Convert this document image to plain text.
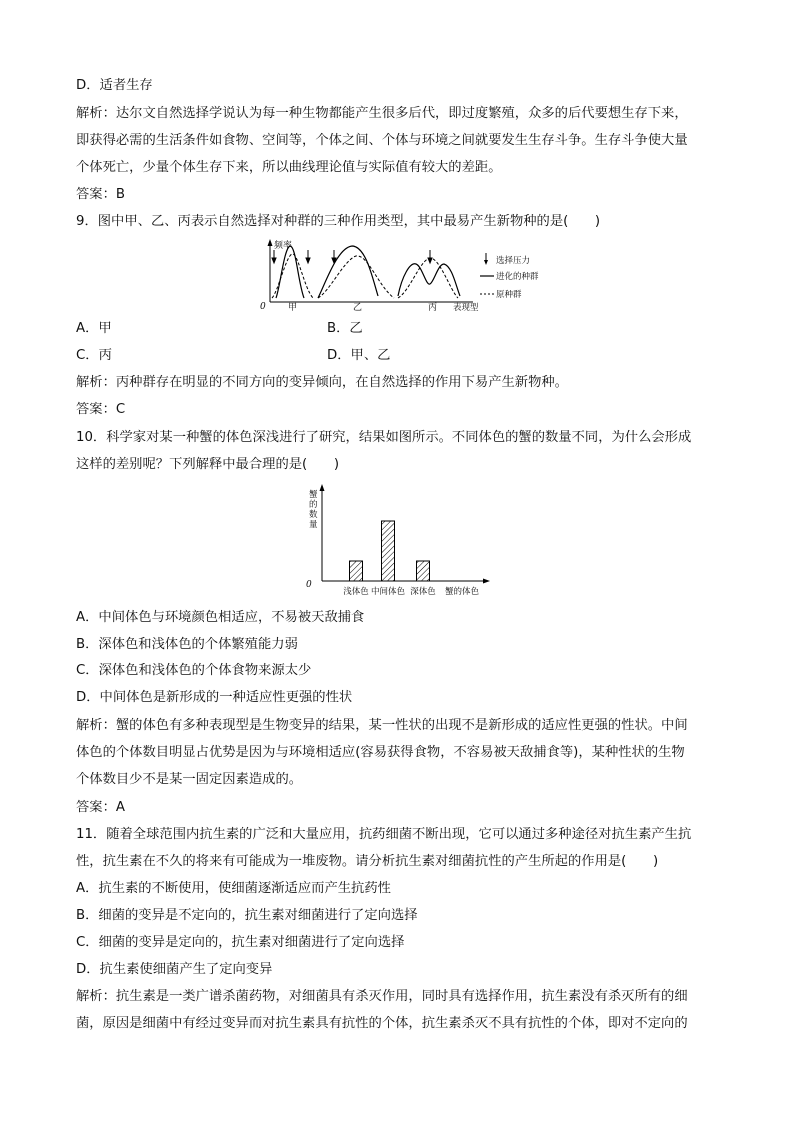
D．适者生存
解析：达尔文自然选择学说认为每一种生物都能产生很多后代，即过度繁殖，众多的后代要想生存下来，
即获得必需的生活条件如食物、空间等，个体之间、个体与环境之间就要发生生存斗争。生存斗争使大量
个体死亡，少量个体生存下来，所以曲线理论值与实际值有较大的差距。
答案：B
9．图中甲、乙、丙表示自然选择对种群的三种作用类型，其中最易产生新物种的是(　　)
频率
0 甲	乙	丙 表现型
选择压力
进化的种群
原种群
A．甲	B．乙
C．丙	D．甲、乙
解析：丙种群存在明显的不同方向的变异倾向，在自然选择的作用下易产生新物种。
答案：C
10．科学家对某一种蟹的体色深浅进行了研究，结果如图所示。不同体色的蟹的数量不同，为什么会形成
这样的差别呢？下列解释中最合理的是(　　)
0
蟹
的
数
量
浅体色 中间体色 深体色 蟹的体色
A．中间体色与环境颜色相适应，不易被天敌捕食
B．深体色和浅体色的个体繁殖能力弱
C．深体色和浅体色的个体食物来源太少
D．中间体色是新形成的一种适应性更强的性状
解析：蟹的体色有多种表现型是生物变异的结果，某一性状的出现不是新形成的适应性更强的性状。中间
体色的个体数目明显占优势是因为与环境相适应(容易获得食物，不容易被天敌捕食等)，某种性状的生物
个体数目少不是某一固定因素造成的。
答案：A
11．随着全球范围内抗生素的广泛和大量应用，抗药细菌不断出现，它可以通过多种途径对抗生素产生抗
性，抗生素在不久的将来有可能成为一堆废物。请分析抗生素对细菌抗性的产生所起的作用是(　　)
A．抗生素的不断使用，使细菌逐渐适应而产生抗药性
B．细菌的变异是不定向的，抗生素对细菌进行了定向选择
C．细菌的变异是定向的，抗生素对细菌进行了定向选择
D．抗生素使细菌产生了定向变异
解析：抗生素是一类广谱杀菌药物，对细菌具有杀灭作用，同时具有选择作用，抗生素没有杀灭所有的细
菌，原因是细菌中有经过变异而对抗生素具有抗性的个体，抗生素杀灭不具有抗性的个体，即对不定向的
